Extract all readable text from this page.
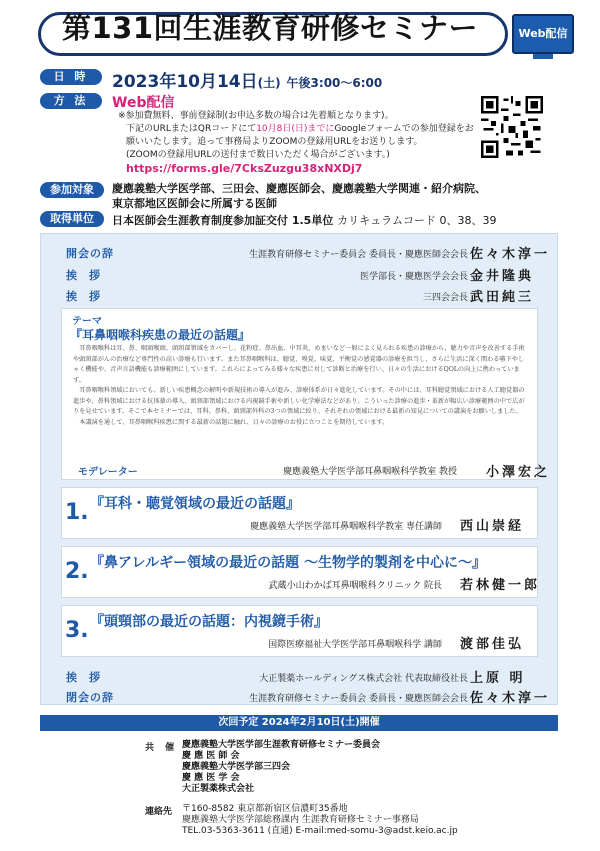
第131回生涯教育研修セミナー	Web配信
日 時	2023年10月14日(土) 午後3:00～6:00
方 法	Web配信
※参加費無料、事前登録制(お申込多数の場合は先着順となります)。
下記のURLまたはQRコードにて10月8日(日)までにGoogleフォームでの参加登録をお願いいたします。追って事務局よりZOOMの登録用URLをお送りします。
(ZOOMの登録用URLの送付まで数日いただく場合がございます。)
https://forms.gle/7CksZuzgu38xNXDj7
参加対象	慶應義塾大学医学部、三田会、慶應医師会、慶應義塾大学関連・紹介病院、
東京都地区医師会に所属する医師
取得単位	日本医師会生涯教育制度参加証交付 1.5単位 カリキュラムコード 0、38、39
開会の辞	生涯教育研修セミナー委員会 委員長・慶應医師会会長 佐々木淳一
挨拶	医学部長・慶應医学会会長 金井隆典
挨拶	三四会会長 武田純三
テーマ
『耳鼻咽喉科疾患の最近の話題』

耳鼻咽喉科は耳、鼻、咽頭喉頭、頭頸部領域をカバーし、花粉症、鼻出血、中耳炎、めまいなど一般によく見られる疾患の診療から、聴力や音声を改善する手術や頭頸部がんの治療など専門性の高い診療も行います。また耳鼻咽喉科は、聴覚、嗅覚、味覚、平衡覚の感覚器の診療を担当し、さらに生活に深く関わる嚥下やしゃく機能や、音声言語機能も診療範囲にしています。これらによってみる様々な疾患に対して診断と治療を行い、日々の生活におけるQOLの向上に携わっています。

耳鼻咽喉科領域においても、新しい疾患概念の解明や新規技術の導入が進み、診療体系が日々進化しています。その中には、耳科聴覚領域における人工聴覚器の進歩や、鼻科領域における抗体薬の導入、頭頸部領域における内視鏡手術や新しい化学療法などがあり、こういった診療の進歩・革新が幅広い診療範囲の中で広がりを見せています。そこで本セミナーでは、耳科、鼻科、頭頸部外科の3つの領域に絞り、それぞれの領域における最新の知見についての講演をお願いしました。

本講演を通して、耳鼻咽喉科疾患に関する最新の話題に触れ、日々の診療のお役に立つことを期待しています。

モデレーター	慶應義塾大学医学部耳鼻咽喉科学教室 教授 小澤宏之
1. 『耳科・聴覚領域の最近の話題』
慶應義塾大学医学部耳鼻咽喉科学教室 専任講師 西山崇経
2. 『鼻アレルギー領域の最近の話題 ～生物学的製剤を中心に～』
武蔵小山わかば耳鼻咽喉科クリニック 院長 若林健一郎
3. 『頭頸部の最近の話題：内視鏡手術』
国際医療福祉大学医学部耳鼻咽喉科学 講師 渡部佳弘
挨拶	大正製薬ホールディングス株式会社 代表取締役社長 上原 明
閉会の辞	生涯教育研修セミナー委員会 委員長・慶應医師会会長 佐々木淳一
次回予定 2024年2月10日(土)開催
共 催 慶應義塾大学医学部生涯教育研修セミナー委員会
慶 應 医 師 会
慶應義塾大学医学部三四会
慶 應 医 学 会
大正製薬株式会社
連絡先 〒160-8582 東京都新宿区信濃町35番地
慶應義塾大学医学部総務課内 生涯教育研修セミナー事務局
TEL.03-5363-3611 (直通) E-mail:med-somu-3@adst.keio.ac.jp
